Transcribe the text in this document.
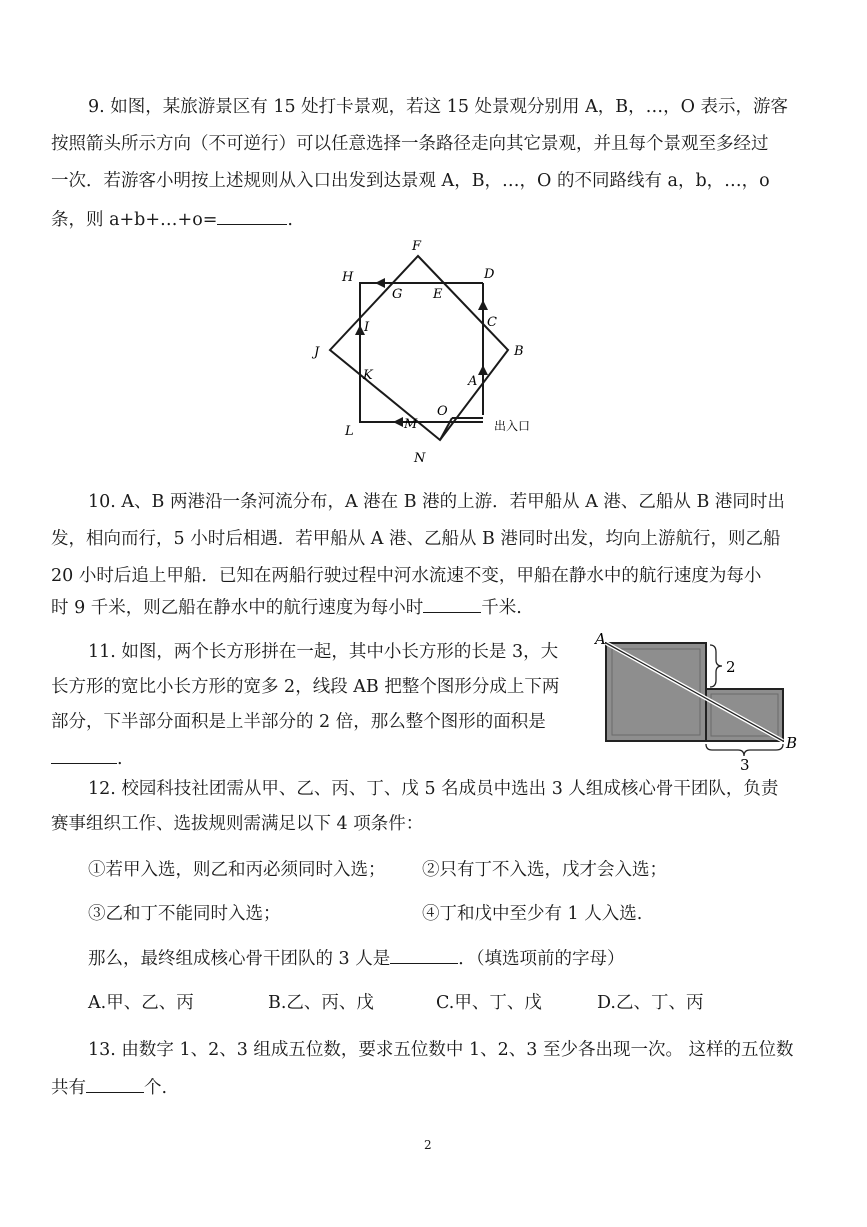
9. 如图，某旅游景区有 15 处打卡景观，若这 15 处景观分别用 A，B，…，O 表示，游客
按照箭头所示方向（不可逆行）可以任意选择一条路径走向其它景观，并且每个景观至多经过
一次．若游客小明按上述规则从入口出发到达景观 A，B，…，O 的不同路线有 a，b，…，o
条，则 a+b+…+o=	.
F
H	D
G E
C
B
I
J
K	A
L	M
O
N
出入口
10. A、B 两港沿一条河流分布，A 港在 B 港的上游．若甲船从 A 港、乙船从 B 港同时出
发，相向而行，5 小时后相遇．若甲船从 A 港、乙船从 B 港同时出发，均向上游航行，则乙船
20 小时后追上甲船．已知在两船行驶过程中河水流速不变，甲船在静水中的航行速度为每小
时 9 千米，则乙船在静水中的航行速度为每小时	千米.
11. 如图，两个长方形拼在一起，其中小长方形的长是 3，大
长方形的宽比小长方形的宽多 2，线段 AB 把整个图形分成上下两
部分，下半部分面积是上半部分的 2 倍，那么整个图形的面积是
.
2
3
A
B
12. 校园科技社团需从甲、乙、丙、丁、戊 5 名成员中选出 3 人组成核心骨干团队，负责
赛事组织工作、选拔规则需满足以下 4 项条件：
①若甲入选，则乙和丙必须同时入选； ②只有丁不入选，戊才会入选；
③乙和丁不能同时入选；	④丁和戊中至少有 1 人入选.
那么，最终组成核心骨干团队的 3 人是	．（填选项前的字母）
A.甲、乙、丙	B.乙、丙、戊	C.甲、丁、戊	D.乙、丁、丙
13. 由数字 1、2、3 组成五位数，要求五位数中 1、2、3 至少各出现一次。 这样的五位数
共有	个.
2
